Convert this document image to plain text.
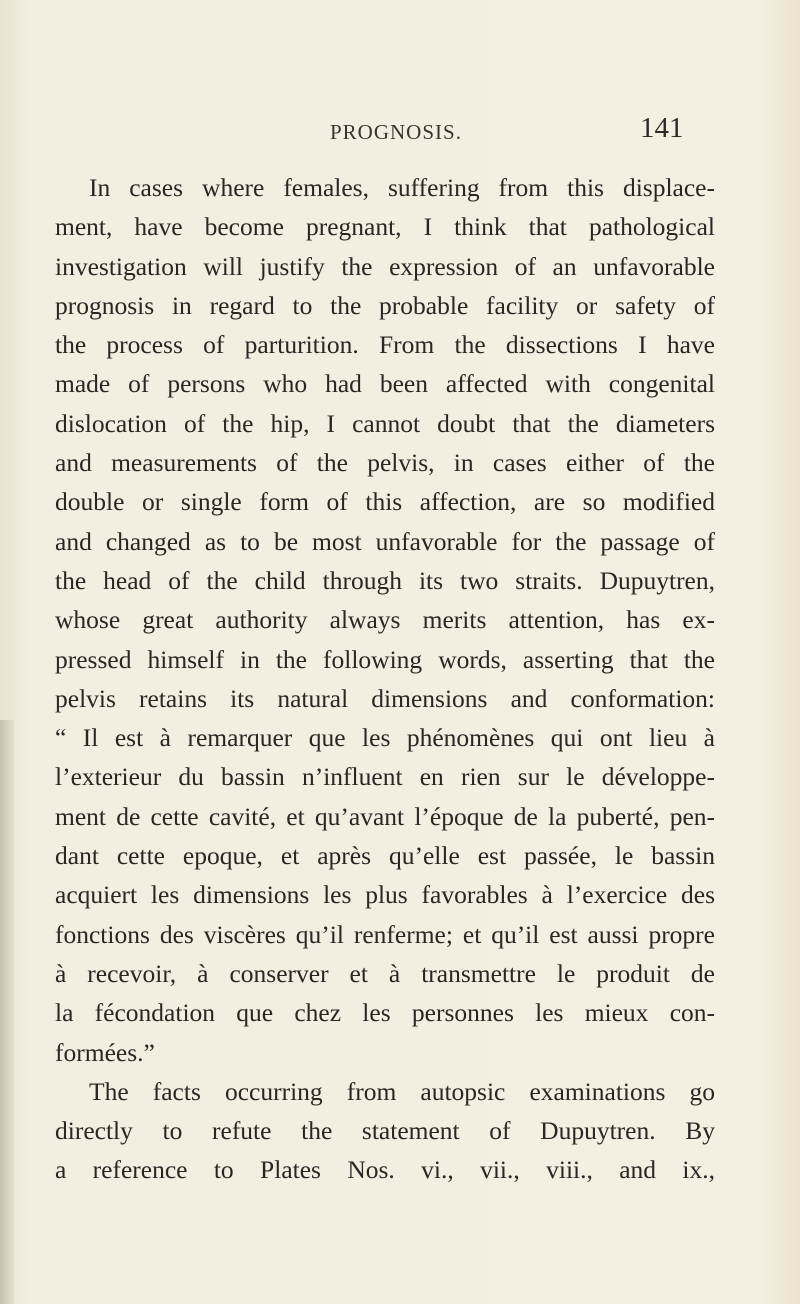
PROGNOSIS.	141
In cases where females, suffering from this displace-
ment, have become pregnant, I think that pathological
investigation will justify the expression of an unfavorable
prognosis in regard to the probable facility or safety of
the process of parturition. From the dissections I have
made of persons who had been affected with congenital
dislocation of the hip, I cannot doubt that the diameters
and measurements of the pelvis, in cases either of the
double or single form of this affection, are so modified
and changed as to be most unfavorable for the passage of
the head of the child through its two straits. Dupuytren,
whose great authority always merits attention, has ex-
pressed himself in the following words, asserting that the
pelvis retains its natural dimensions and conformation:
“ Il est à remarquer que les phénomènes qui ont lieu à
l’exterieur du bassin n’influent en rien sur le développe-
ment de cette cavité, et qu’avant l’époque de la puberté, pen-
dant cette epoque, et après qu’elle est passée, le bassin
acquiert les dimensions les plus favorables à l’exercice des
fonctions des viscères qu’il renferme; et qu’il est aussi propre
à recevoir, à conserver et à transmettre le produit de
la fécondation que chez les personnes les mieux con-
formées.”
The facts occurring from autopsic examinations go
directly to refute the statement of Dupuytren. By
a reference to Plates Nos. vi., vii., viii., and ix.,
